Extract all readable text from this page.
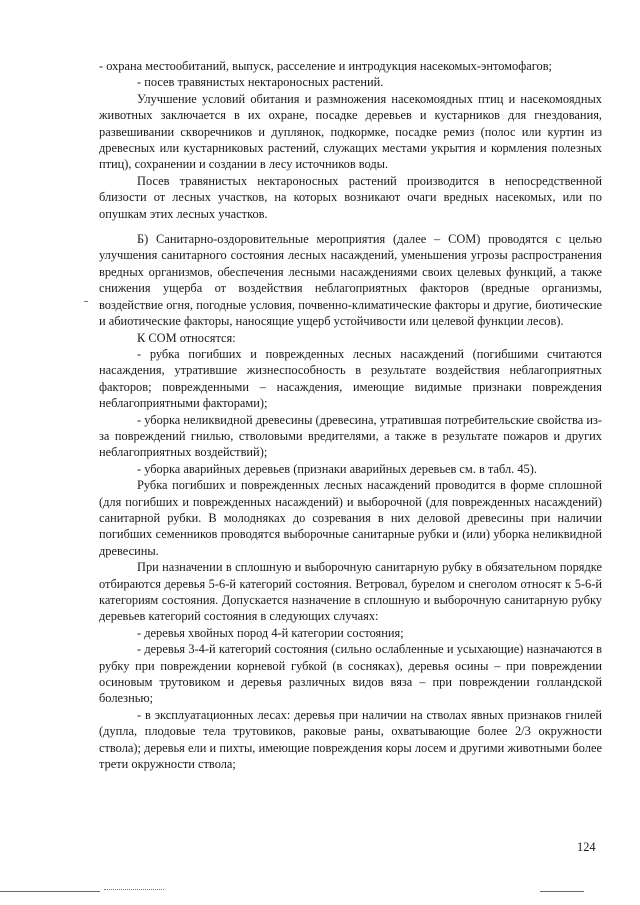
- охрана местообитаний, выпуск, расселение и интродукция насекомых-энтомофагов;

- посев травянистых нектароносных растений.

Улучшение условий обитания и размножения насекомоядных птиц и насекомоядных животных заключается в их охране, посадке деревьев и кустарников для гнездования, развешивании скворечников и дуплянок, подкормке, посадке ремиз (полос или куртин из древесных или кустарниковых растений, служащих местами укрытия и кормления полезных птиц), сохранении и создании в лесу источников воды.

Посев травянистых нектароносных растений производится в непосредственной близости от лесных участков, на которых возникают очаги вредных насекомых, или по опушкам этих лесных участков.

Б) Санитарно-оздоровительные мероприятия (далее – СОМ) проводятся с целью улучшения санитарного состояния лесных насаждений, уменьшения угрозы распространения вредных организмов, обеспечения лесными насаждениями своих целевых функций, а также снижения ущерба от воздействия неблагоприятных факторов (вредные организмы, воздействие огня, погодные условия, почвенно-климатические факторы и другие, биотические и абиотические факторы, наносящие ущерб устойчивости или целевой функции лесов).

К СОМ относятся:

- рубка погибших и поврежденных лесных насаждений (погибшими считаются насаждения, утратившие жизнеспособность в результате воздействия неблагоприятных факторов; поврежденными – насаждения, имеющие видимые признаки повреждения неблагоприятными факторами);

- уборка неликвидной древесины (древесина, утратившая потребительские свойства из-за повреждений гнилью, стволовыми вредителями, а также в результате пожаров и других неблагоприятных воздействий);

- уборка аварийных деревьев (признаки аварийных деревьев см. в табл. 45).

Рубка погибших и поврежденных лесных насаждений проводится в форме сплошной (для погибших и поврежденных насаждений) и выборочной (для поврежденных насаждений) санитарной рубки. В молодняках до созревания в них деловой древесины при наличии погибших семенников проводятся выборочные санитарные рубки и (или) уборка неликвидной древесины.

При назначении в сплошную и выборочную санитарную рубку в обязательном порядке отбираются деревья 5-6-й категорий состояния. Ветровал, бурелом и снеголом относят к 5-6-й категориям состояния. Допускается назначение в сплошную и выборочную санитарную рубку деревьев категорий состояния в следующих случаях:

- деревья хвойных пород 4-й категории состояния;

- деревья 3-4-й категорий состояния (сильно ослабленные и усыхающие) назначаются в рубку при повреждении корневой губкой (в сосняках), деревья осины – при повреждении осиновым трутовиком и деревья различных видов вяза – при повреждении голландской болезнью;

- в эксплуатационных лесах: деревья при наличии на стволах явных признаков гнилей (дупла, плодовые тела трутовиков, раковые раны, охватывающие более 2/3 окружности ствола); деревья ели и пихты, имеющие повреждения коры лосем и другими животными более трети окружности ствола;

124
